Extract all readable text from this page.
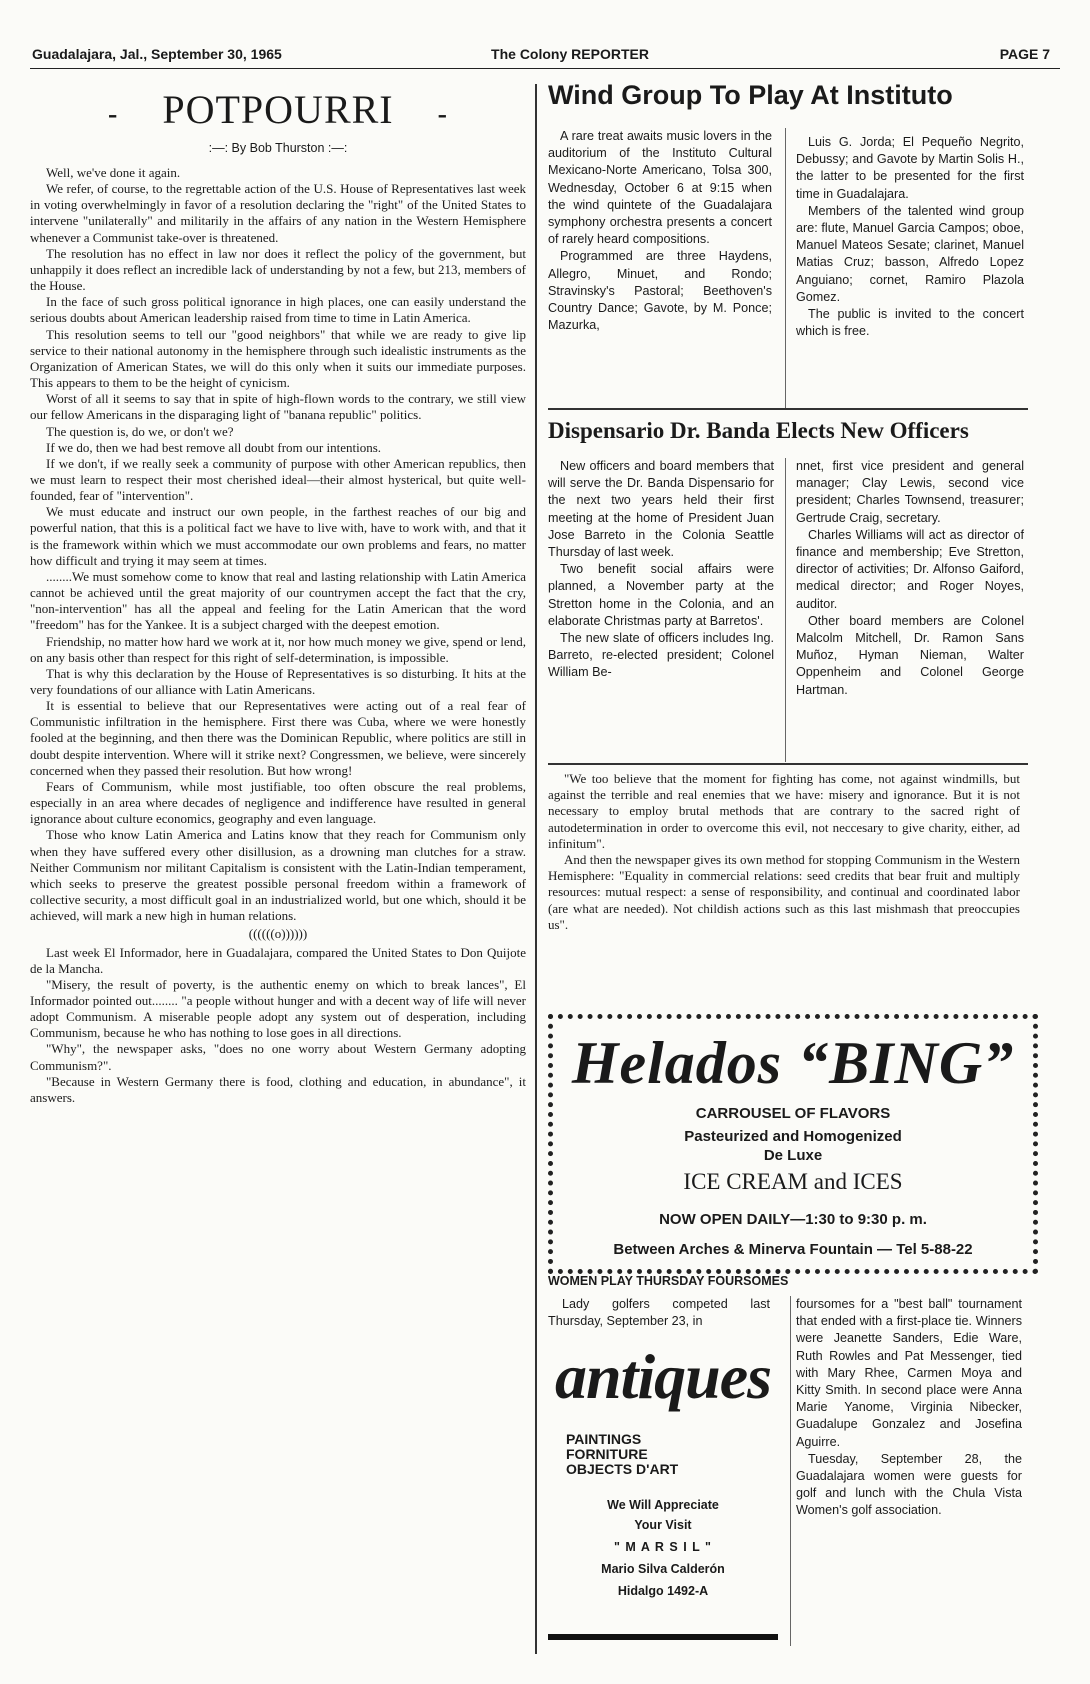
Guadalajara, Jal., September 30, 1965	The Colony REPORTER	PAGE 7
- POTPOURRI -
:—: By Bob Thurston :—:

Well, we've done it again.

We refer, of course, to the regrettable action of the U.S. House of Representatives last week in voting overwhelmingly in favor of a resolution declaring the "right" of the United States to intervene "unilaterally" and militarily in the affairs of any nation in the Western Hemisphere whenever a Communist take-over is threatened.

The resolution has no effect in law nor does it reflect the policy of the government, but unhappily it does reflect an incredible lack of understanding by not a few, but 213, members of the House.

In the face of such gross political ignorance in high places, one can easily understand the serious doubts about American leadership raised from time to time in Latin America.

This resolution seems to tell our "good neighbors" that while we are ready to give lip service to their national autonomy in the hemisphere through such idealistic instruments as the Organization of American States, we will do this only when it suits our immediate purposes. This appears to them to be the height of cynicism.

Worst of all it seems to say that in spite of high-flown words to the contrary, we still view our fellow Americans in the disparaging light of "banana republic" politics.

The question is, do we, or don't we?

If we do, then we had best remove all doubt from our intentions.

If we don't, if we really seek a community of purpose with other American republics, then we must learn to respect their most cherished ideal—their almost hysterical, but quite well-founded, fear of "intervention".

We must educate and instruct our own people, in the farthest reaches of our big and powerful nation, that this is a political fact we have to live with, have to work with, and that it is the framework within which we must accommodate our own problems and fears, no matter how difficult and trying it may seem at times.

........We must somehow come to know that real and lasting relationship with Latin America cannot be achieved until the great majority of our countrymen accept the fact that the cry, "non-intervention" has all the appeal and feeling for the Latin American that the word "freedom" has for the Yankee. It is a subject charged with the deepest emotion.

Friendship, no matter how hard we work at it, nor how much money we give, spend or lend, on any basis other than respect for this right of self-determination, is impossible.

That is why this declaration by the House of Representatives is so disturbing. It hits at the very foundations of our alliance with Latin Americans.

It is essential to believe that our Representatives were acting out of a real fear of Communistic infiltration in the hemisphere. First there was Cuba, where we were honestly fooled at the beginning, and then there was the Dominican Republic, where politics are still in doubt despite intervention. Where will it strike next? Congressmen, we believe, were sincerely concerned when they passed their resolution. But how wrong!

Fears of Communism, while most justifiable, too often obscure the real problems, especially in an area where decades of negligence and indifference have resulted in general ignorance about culture economics, geography and even language.

Those who know Latin America and Latins know that they reach for Communism only when they have suffered every other disillusion, as a drowning man clutches for a straw. Neither Communism nor militant Capitalism is consistent with the Latin-Indian temperament, which seeks to preserve the greatest possible personal freedom within a framework of collective security, a most difficult goal in an industrialized world, but one which, should it be achieved, will mark a new high in human relations.

((((((o))))))

Last week El Informador, here in Guadalajara, compared the United States to Don Quijote de la Mancha.

"Misery, the result of poverty, is the authentic enemy on which to break lances", El Informador pointed out........ "a people without hunger and with a decent way of life will never adopt Communism. A miserable people adopt any system out of desperation, including Communism, because he who has nothing to lose goes in all directions.

"Why", the newspaper asks, "does no one worry about Western Germany adopting Communism?".

"Because in Western Germany there is food, clothing and education, in abundance", it answers.

Wind Group To Play At Instituto

A rare treat awaits music lovers in the auditorium of the Instituto Cultural Mexicano-Norte Americano, Tolsa 300, Wednesday, October 6 at 9:15 when the wind quintete of the Guadalajara symphony orchestra presents a concert of rarely heard compositions.

Programmed are three Haydens, Allegro, Minuet, and Rondo; Stravinsky's Pastoral; Beethoven's Country Dance; Gavote, by M. Ponce; Mazurka,

Luis G. Jorda; El Pequeño Negrito, Debussy; and Gavote by Martin Solis H., the latter to be presented for the first time in Guadalajara.

Members of the talented wind group are: flute, Manuel Garcia Campos; oboe, Manuel Mateos Sesate; clarinet, Manuel Matias Cruz; basson, Alfredo Lopez Anguiano; cornet, Ramiro Plazola Gomez.

The public is invited to the concert which is free.

Dispensario Dr. Banda Elects New Officers

New officers and board members that will serve the Dr. Banda Dispensario for the next two years held their first meeting at the home of President Juan Jose Barreto in the Colonia Seattle Thursday of last week.

Two benefit social affairs were planned, a November party at the Stretton home in the Colonia, and an elaborate Christmas party at Barretos'.

The new slate of officers includes Ing. Barreto, re-elected president; Colonel William Be-

nnet, first vice president and general manager; Clay Lewis, second vice president; Charles Townsend, treasurer; Gertrude Craig, secretary.

Charles Williams will act as director of finance and membership; Eve Stretton, director of activities; Dr. Alfonso Gaiford, medical director; and Roger Noyes, auditor.

Other board members are Colonel Malcolm Mitchell, Dr. Ramon Sans Muñoz, Hyman Nieman, Walter Oppenheim and Colonel George Hartman.

"We too believe that the moment for fighting has come, not against windmills, but against the terrible and real enemies that we have: misery and ignorance. But it is not necessary to employ brutal methods that are contrary to the sacred right of autodetermination in order to overcome this evil, not neccesary to give charity, either, ad infinitum".

And then the newspaper gives its own method for stopping Communism in the Western Hemisphere: "Equality in commercial relations: seed credits that bear fruit and multiply resources: mutual respect: a sense of responsibility, and continual and coordinated labor (are what are needed). Not childish actions such as this last mishmash that preoccupies us".

Helados “BING”
CARROUSEL OF FLAVORS
Pasteurized and Homogenized
De Luxe
ICE CREAM and ICES
NOW OPEN DAILY—1:30 to 9:30 p. m.
Between Arches & Minerva Fountain — Tel 5-88-22
WOMEN PLAY THURSDAY FOURSOMES

Lady golfers competed last Thursday, September 23, in

foursomes for a "best ball" tournament that ended with a first-place tie. Winners were Jeanette Sanders, Edie Ware, Ruth Rowles and Pat Messenger, tied with Mary Rhee, Carmen Moya and Kitty Smith. In second place were Anna Marie Yanome, Virginia Nibecker, Guadalupe Gonzalez and Josefina Aguirre.

Tuesday, September 28, the Guadalajara women were guests for golf and lunch with the Chula Vista Women's golf association.

antiques
PAINTINGS
FORNITURE
OBJECTS D'ART
We Will Appreciate
Your Visit
" M A R S I L "
Mario Silva Calderón
Hidalgo 1492-A
